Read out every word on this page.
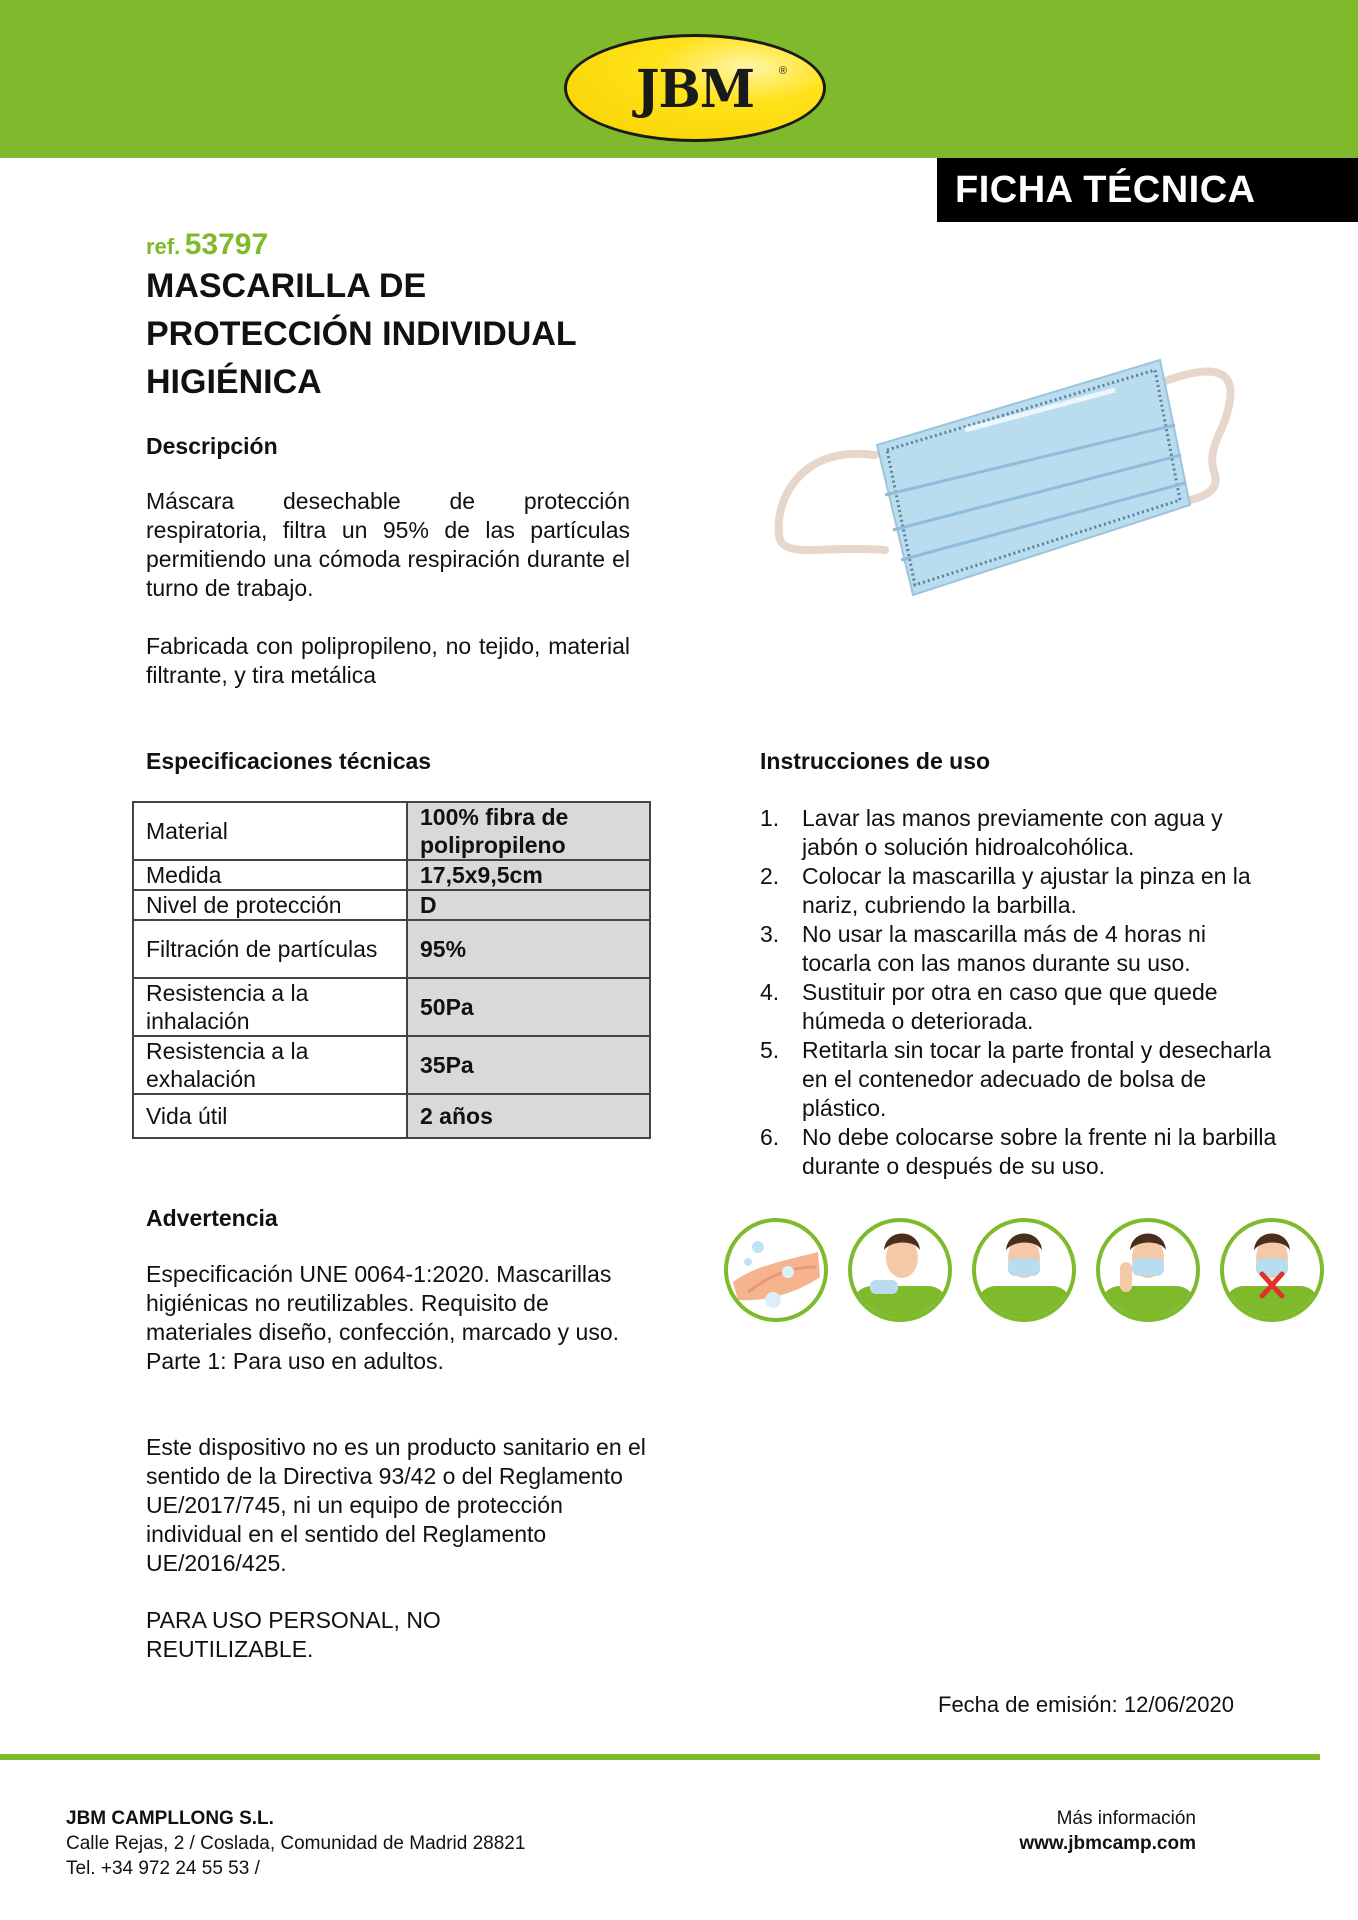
JBM ®
FICHA TÉCNICA
ref. 53797
MASCARILLA DE
PROTECCIÓN INDIVIDUAL
HIGIÉNICA
Descripción
Máscara desechable de protección respiratoria, filtra un 95% de las partículas permitiendo una cómoda respiración durante el turno de trabajo.
Fabricada con polipropileno, no tejido, material filtrante, y tira metálica
Especificaciones técnicas
Material	100% fibra de polipropileno
Medida	17,5x9,5cm
Nivel de protección	D
Filtración de partículas	95%
Resistencia a la inhalación	50Pa
Resistencia a la exhalación	35Pa
Vida útil	2 años
Instrucciones de uso
1. Lavar las manos previamente con agua y jabón o solución hidroalcohólica.
2. Colocar la mascarilla y ajustar la pinza en la nariz, cubriendo la barbilla.
3. No usar la mascarilla más de 4 horas ni tocarla con las manos durante su uso.
4. Sustituir por otra en caso que que quede húmeda o deteriorada.
5. Retitarla sin tocar la parte frontal y desecharla en el contenedor adecuado de bolsa de plástico.
6. No debe colocarse sobre la frente ni la barbilla durante o después de su uso.
Advertencia
Especificación UNE 0064-1:2020. Mascarillas higiénicas no reutilizables. Requisito de materiales diseño, confección, marcado y uso. Parte 1: Para uso en adultos.
Este dispositivo no es un producto sanitario en el sentido de la Directiva 93/42 o del Reglamento UE/2017/745, ni un equipo de protección individual en el sentido del Reglamento UE/2016/425.
PARA USO PERSONAL, NO REUTILIZABLE.
Fecha de emisión: 12/06/2020
JBM CAMPLLONG S.L.
Calle Rejas, 2 / Coslada, Comunidad de Madrid 28821
Tel. +34 972 24 55 53 /
Más información
www.jbmcamp.com
